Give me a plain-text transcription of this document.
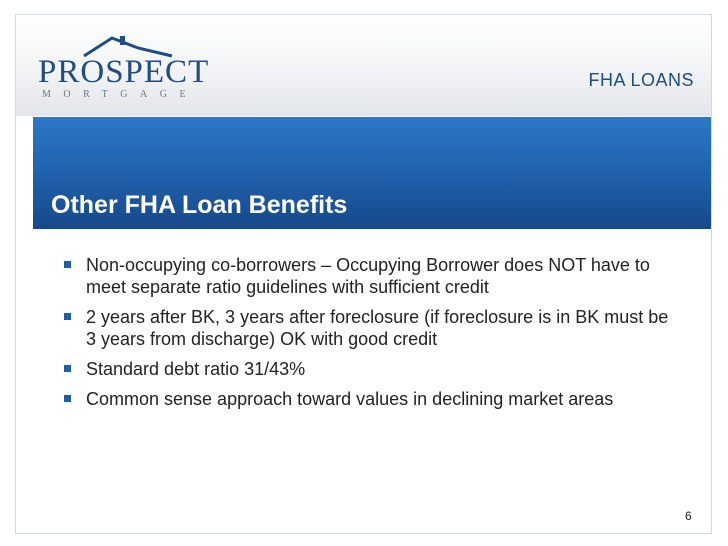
PROSPECT
MORTGAGE
FHA LOANS
Other FHA Loan Benefits
Non-occupying co-borrowers – Occupying Borrower does NOT have to meet separate ratio guidelines with sufficient credit
2 years after BK, 3 years after foreclosure (if foreclosure is in BK must be 3 years from discharge) OK with good credit
Standard debt ratio 31/43%
Common sense approach toward values in declining market areas
6
